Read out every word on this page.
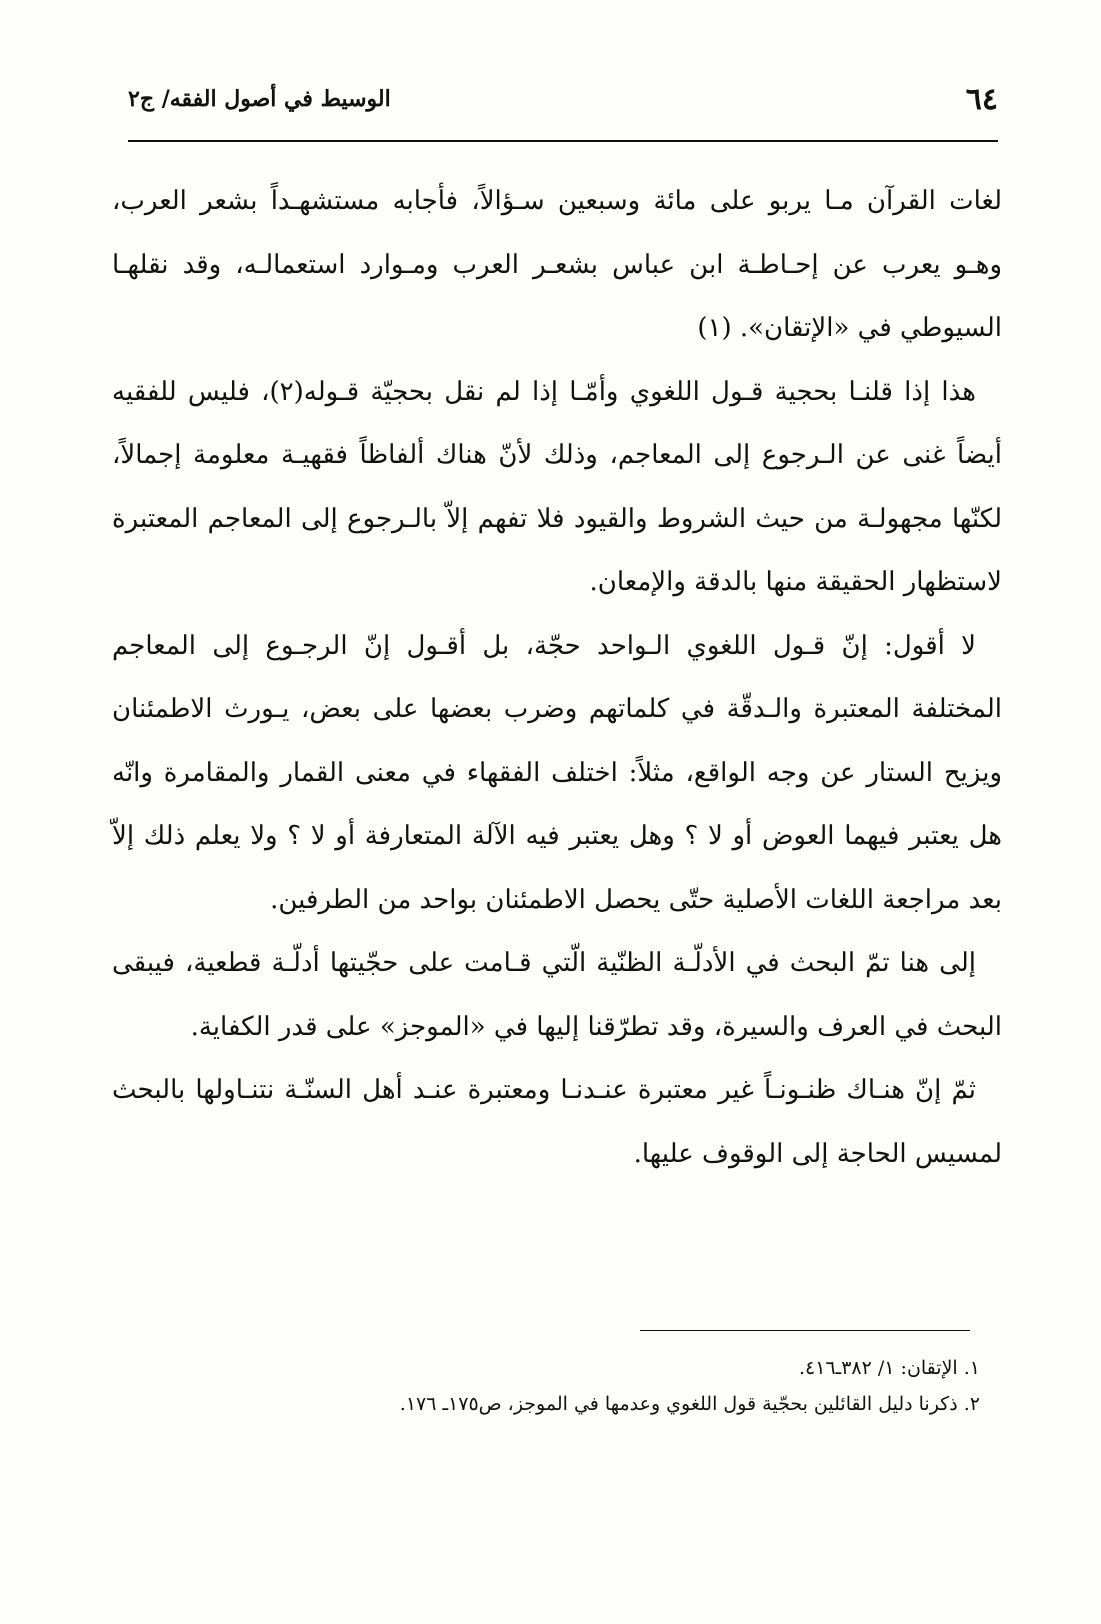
٦٤
الوسيط في أصول الفقه/ ج٢

لغات القرآن مـا يربو على مائة وسبعين سـؤالاً، فأجابه مستشهـداً بشعر العرب، وهـو يعرب عن إحـاطـة ابن عباس بشعـر العرب ومـوارد استعمالـه، وقد نقلهـا السيوطي في «الإتقان». (١)

هذا إذا قلنـا بحجية قـول اللغوي وأمّـا إذا لم نقل بحجيّة قـوله(٢)، فليس للفقيه أيضاً غنى عن الـرجوع إلى المعاجم، وذلك لأنّ هناك ألفاظاً فقهيـة معلومة إجمالاً، لكنّها مجهولـة من حيث الشروط والقيود فلا تفهم إلاّ بالـرجوع إلى المعاجم المعتبرة لاستظهار الحقيقة منها بالدقة والإمعان.

لا أقول: إنّ قـول اللغوي الـواحد حجّة، بل أقـول إنّ الرجـوع إلى المعاجم المختلفة المعتبرة والـدقّة في كلماتهم وضرب بعضها على بعض، يـورث الاطمئنان ويزيح الستار عن وجه الواقع، مثلاً: اختلف الفقهاء في معنى القمار والمقامرة وانّه هل يعتبر فيهما العوض أو لا ؟ وهل يعتبر فيه الآلة المتعارفة أو لا ؟ ولا يعلم ذلك إلاّ بعد مراجعة اللغات الأصلية حتّى يحصل الاطمئنان بواحد من الطرفين.

إلى هنا تمّ البحث في الأدلّـة الظنّية الّتي قـامت على حجّيتها أدلّـة قطعية، فيبقى البحث في العرف والسيرة، وقد تطرّقنا إليها في «الموجز» على قدر الكفاية.

ثمّ إنّ هنـاك ظنـونـاً غير معتبرة عنـدنـا ومعتبرة عنـد أهل السنّـة نتنـاولها بالبحث لمسيس الحاجة إلى الوقوف عليها.

١. الإتقان: ١/ ٣٨٢ـ٤١٦.

٢. ذكرنا دليل القائلين بحجّية قول اللغوي وعدمها في الموجز، ص١٧٥ـ ١٧٦.
